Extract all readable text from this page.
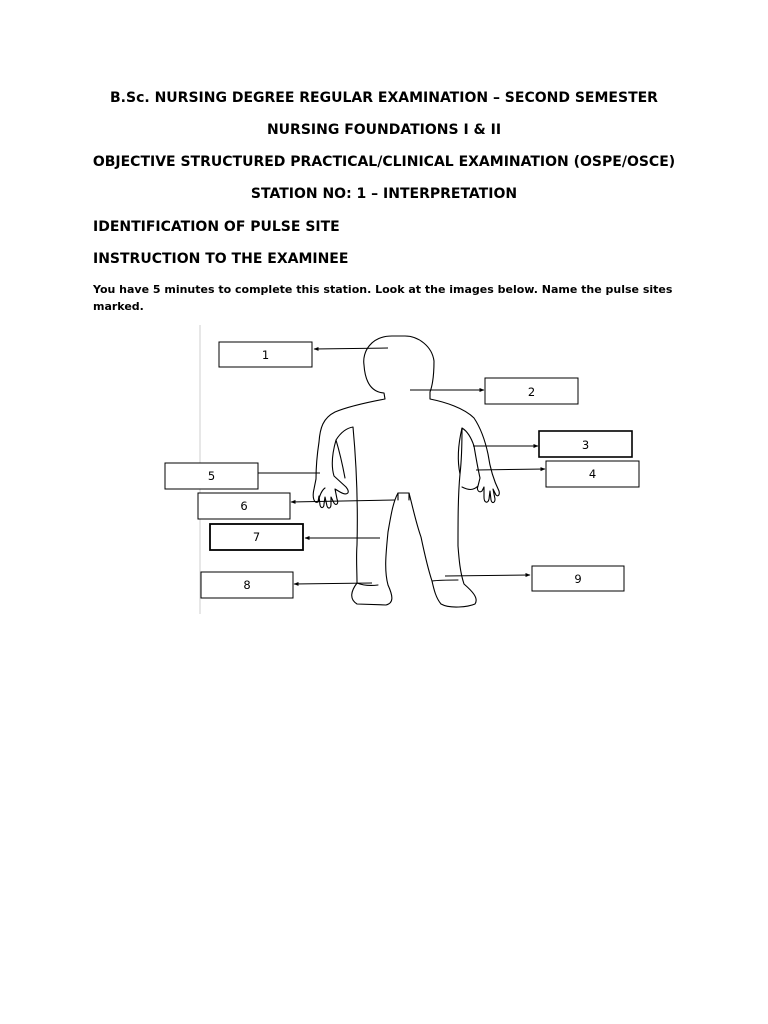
B.Sc. NURSING DEGREE REGULAR EXAMINATION – SECOND SEMESTER
NURSING FOUNDATIONS I & II
OBJECTIVE STRUCTURED PRACTICAL/CLINICAL EXAMINATION (OSPE/OSCE)
STATION NO: 1 – INTERPRETATION
IDENTIFICATION OF PULSE SITE
INSTRUCTION TO THE EXAMINEE
You have 5 minutes to complete this station. Look at the images below. Name the pulse sites marked.
1
2
3
4
5
6
7
8	9
